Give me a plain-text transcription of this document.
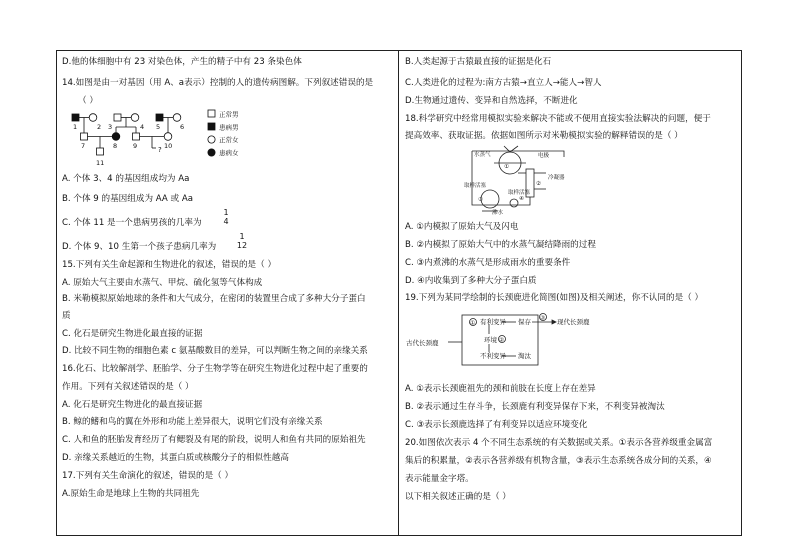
D.他的体细胞中有 23 对染色体，产生的精子中有 23 条染色体
14.如图是由一对基因（用 A、a表示）控制的人的遗传病图解。下列叙述错误的是
（ ）
?
1	2 3	4 5	6
7	8 9	10
11
正常男
患病男
正常女
患病女
A. 个体 3、4 的基因组成均为 Aa
B. 个体 9 的基因组成为 AA 或 Aa
C. 个体 11 是一个患病男孩的几率为
1
4
D. 个体 9、10 生第一个孩子患病几率为
1
12
15.下列有关生命起源和生物进化的叙述，错误的是（ ）
A. 原始大气主要由水蒸气、甲烷、硫化氢等气体构成
B. 米勒模拟原始地球的条件和大气成分，在密闭的装置里合成了多种大分子蛋白
质
C. 化石是研究生物进化最直接的证据
D. 比较不同生物的细胞色素 c 氨基酸数目的差异，可以判断生物之间的亲缘关系
16.化石、比较解剖学、胚胎学、分子生物学等在研究生物进化过程中起了重要的
作用。下列有关叙述错误的是（ ）
A. 化石是研究生物进化的最直接证据
B. 鲸的鳍和鸟的翼在外形和功能上差异很大，说明它们没有亲缘关系
C. 人和鱼的胚胎发育经历了有鳃裂及有尾的阶段，说明人和鱼有共同的原始祖先
D. 亲缘关系越近的生物，其蛋白质或核酸分子的相似性越高
17.下列有关生命演化的叙述，错误的是（ ）
A.原始生命是地球上生物的共同祖先
B.人类起源于古猿最直接的证据是化石
C.人类进化的过程为:南方古猿→直立人→能人→智人
D.生物通过遗传、变异和自然选择，不断进化
18.科学研究中经常用模拟实验来解决不能或不便用直接实验法解决的问题，便于
提高效率、获取证据。依据如图所示对米勒模拟实验的解释错误的是（ ）
水蒸气	电极
取样活塞
冷凝器
①
②
③	④
沸水
取样活塞
A. ①内模拟了原始大气及闪电
B. ②内模拟了原始大气中的水蒸气凝结降雨的过程
C. ③内煮沸的水蒸气是形成雨水的重要条件
D. ④内收集到了多种大分子蛋白质
19.下列为某同学绘制的长颈鹿进化简图(如图)及相关阐述，你不认同的是（ ）
古代长颈鹿
有利变异
环境
不利变异
保存
淘汰
现代长颈鹿
①
②
③
A. ①表示长颈鹿祖先的颈和前肢在长度上存在差异
B. ②表示通过生存斗争，长颈鹿有利变异保存下来，不利变异被淘汰
C. ③表示长颈鹿选择了有利变异以适应环境变化
20.如图依次表示 4 个不同生态系统的有关数据或关系。①表示各营养级重金属富
集后的积累量，②表示各营养级有机物含量，③表示生态系统各成分间的关系，④
表示能量金字塔。
以下相关叙述正确的是（ ）
